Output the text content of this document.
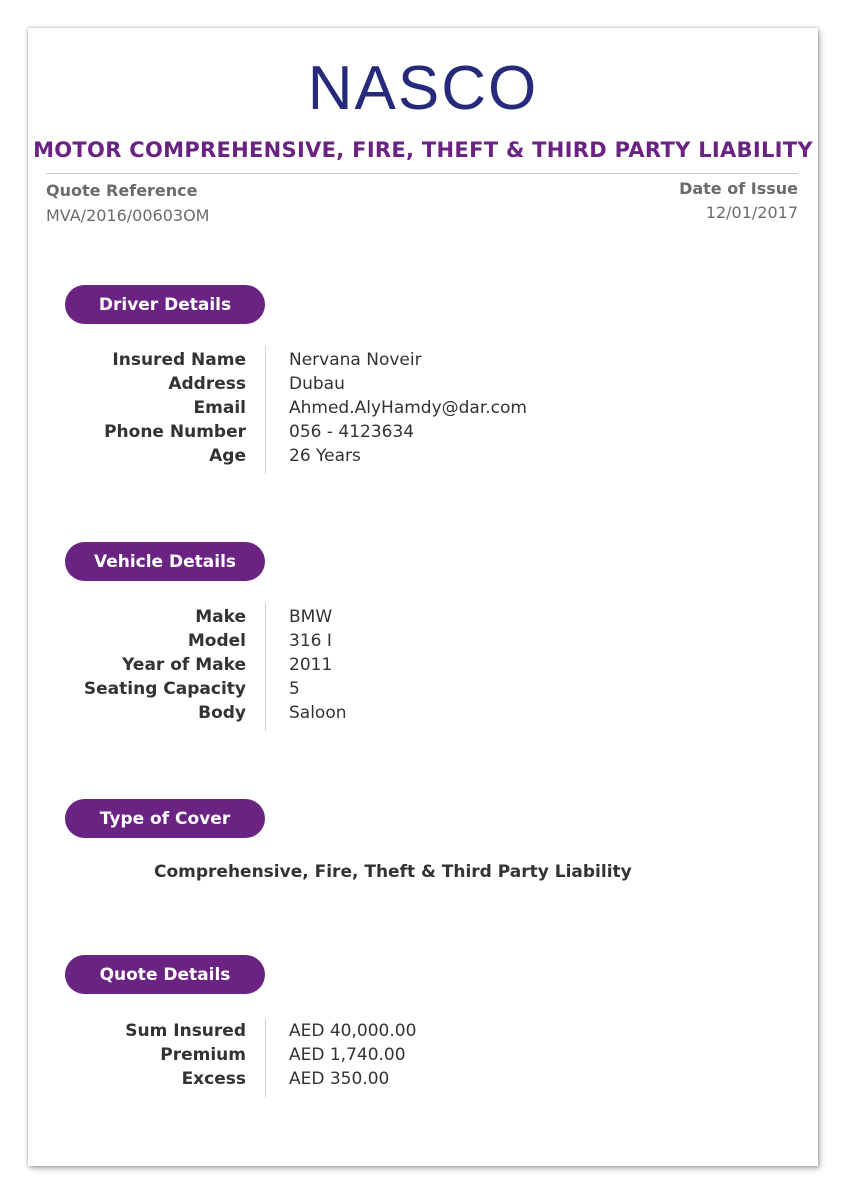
NASCO
MOTOR COMPREHENSIVE, FIRE, THEFT & THIRD PARTY LIABILITY
Quote Reference
MVA/2016/00603OM
Date of Issue
12/01/2017
Driver Details
Insured Name	Nervana Noveir
Address	Dubau
Email	Ahmed.AlyHamdy@dar.com
Phone Number	056 - 4123634
Age	26 Years
Vehicle Details
Make	BMW
Model	316 I
Year of Make	2011
Seating Capacity	5
Body	Saloon
Type of Cover
Comprehensive, Fire, Theft & Third Party Liability
Quote Details
Sum Insured	AED 40,000.00
Premium	AED 1,740.00
Excess	AED 350.00
